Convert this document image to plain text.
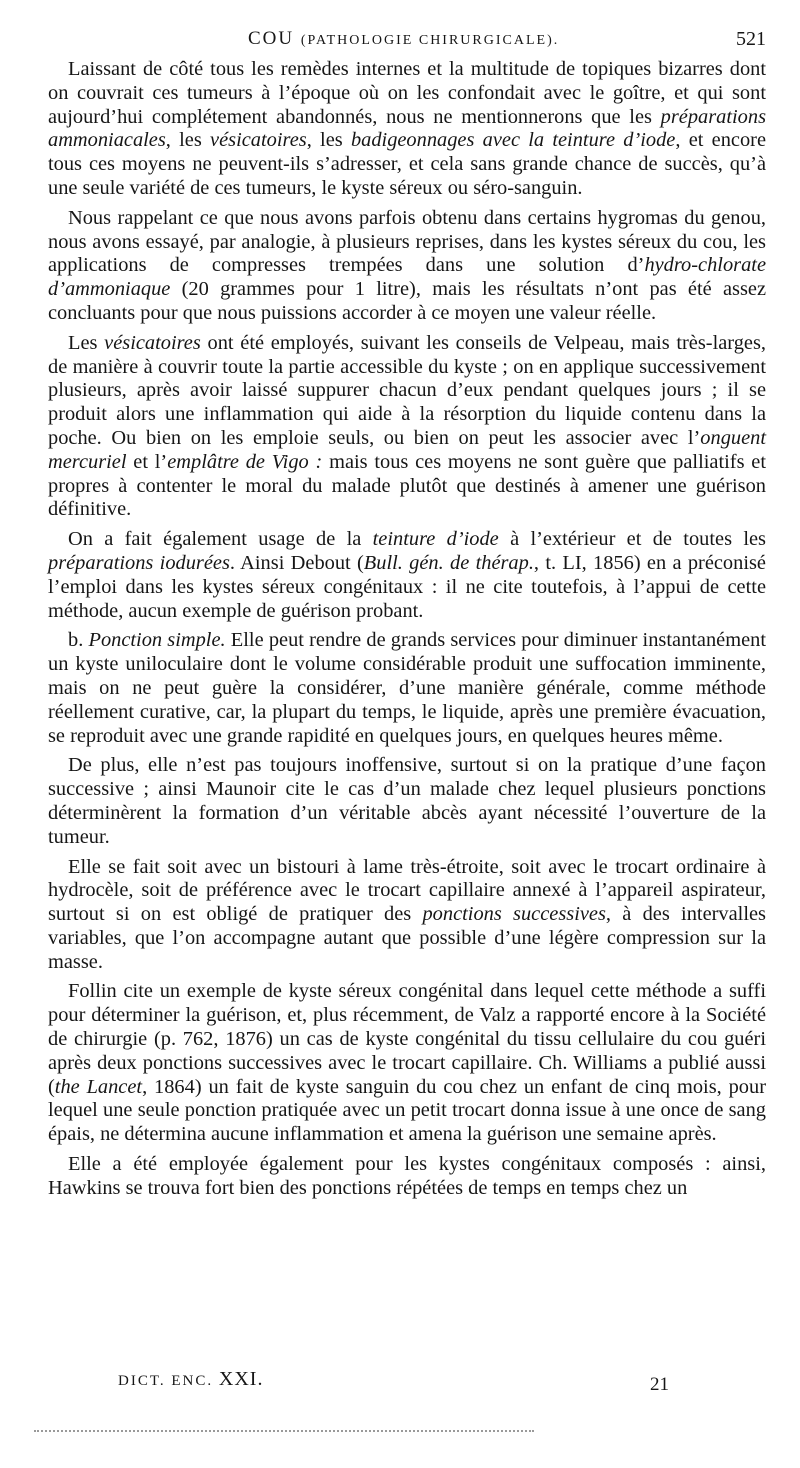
COU (PATHOLOGIE CHIRURGICALE).	521

Laissant de côté tous les remèdes internes et la multitude de topiques bizarres dont on couvrait ces tumeurs à l’époque où on les confondait avec le goître, et qui sont aujourd’hui complétement abandonnés, nous ne mentionnerons que les préparations ammoniacales, les vésicatoires, les badigeonnages avec la teinture d’iode, et encore tous ces moyens ne peuvent-ils s’adresser, et cela sans grande chance de succès, qu’à une seule variété de ces tumeurs, le kyste séreux ou séro-sanguin.

Nous rappelant ce que nous avons parfois obtenu dans certains hygromas du genou, nous avons essayé, par analogie, à plusieurs reprises, dans les kystes séreux du cou, les applications de compresses trempées dans une solution d’hydro-chlorate d’ammoniaque (20 grammes pour 1 litre), mais les résultats n’ont pas été assez concluants pour que nous puissions accorder à ce moyen une valeur réelle.

Les vésicatoires ont été employés, suivant les conseils de Velpeau, mais très-larges, de manière à couvrir toute la partie accessible du kyste ; on en applique successivement plusieurs, après avoir laissé suppurer chacun d’eux pendant quelques jours ; il se produit alors une inflammation qui aide à la résorption du liquide contenu dans la poche. Ou bien on les emploie seuls, ou bien on peut les associer avec l’onguent mercuriel et l’emplâtre de Vigo : mais tous ces moyens ne sont guère que palliatifs et propres à contenter le moral du malade plutôt que destinés à amener une guérison définitive.

On a fait également usage de la teinture d’iode à l’extérieur et de toutes les préparations iodurées. Ainsi Debout (Bull. gén. de thérap., t. LI, 1856) en a préconisé l’emploi dans les kystes séreux congénitaux : il ne cite toutefois, à l’appui de cette méthode, aucun exemple de guérison probant.

b. Ponction simple. Elle peut rendre de grands services pour diminuer instantanément un kyste uniloculaire dont le volume considérable produit une suffocation imminente, mais on ne peut guère la considérer, d’une manière générale, comme méthode réellement curative, car, la plupart du temps, le liquide, après une première évacuation, se reproduit avec une grande rapidité en quelques jours, en quelques heures même.

De plus, elle n’est pas toujours inoffensive, surtout si on la pratique d’une façon successive ; ainsi Maunoir cite le cas d’un malade chez lequel plusieurs ponctions déterminèrent la formation d’un véritable abcès ayant nécessité l’ouverture de la tumeur.

Elle se fait soit avec un bistouri à lame très-étroite, soit avec le trocart ordinaire à hydrocèle, soit de préférence avec le trocart capillaire annexé à l’appareil aspirateur, surtout si on est obligé de pratiquer des ponctions successives, à des intervalles variables, que l’on accompagne autant que possible d’une légère compression sur la masse.

Follin cite un exemple de kyste séreux congénital dans lequel cette méthode a suffi pour déterminer la guérison, et, plus récemment, de Valz a rapporté encore à la Société de chirurgie (p. 762, 1876) un cas de kyste congénital du tissu cellulaire du cou guéri après deux ponctions successives avec le trocart capillaire. Ch. Williams a publié aussi (the Lancet, 1864) un fait de kyste sanguin du cou chez un enfant de cinq mois, pour lequel une seule ponction pratiquée avec un petit trocart donna issue à une once de sang épais, ne détermina aucune inflammation et amena la guérison une semaine après.

Elle a été employée également pour les kystes congénitaux composés : ainsi, Hawkins se trouva fort bien des ponctions répétées de temps en temps chez un

DICT. ENC. XXI.	21
